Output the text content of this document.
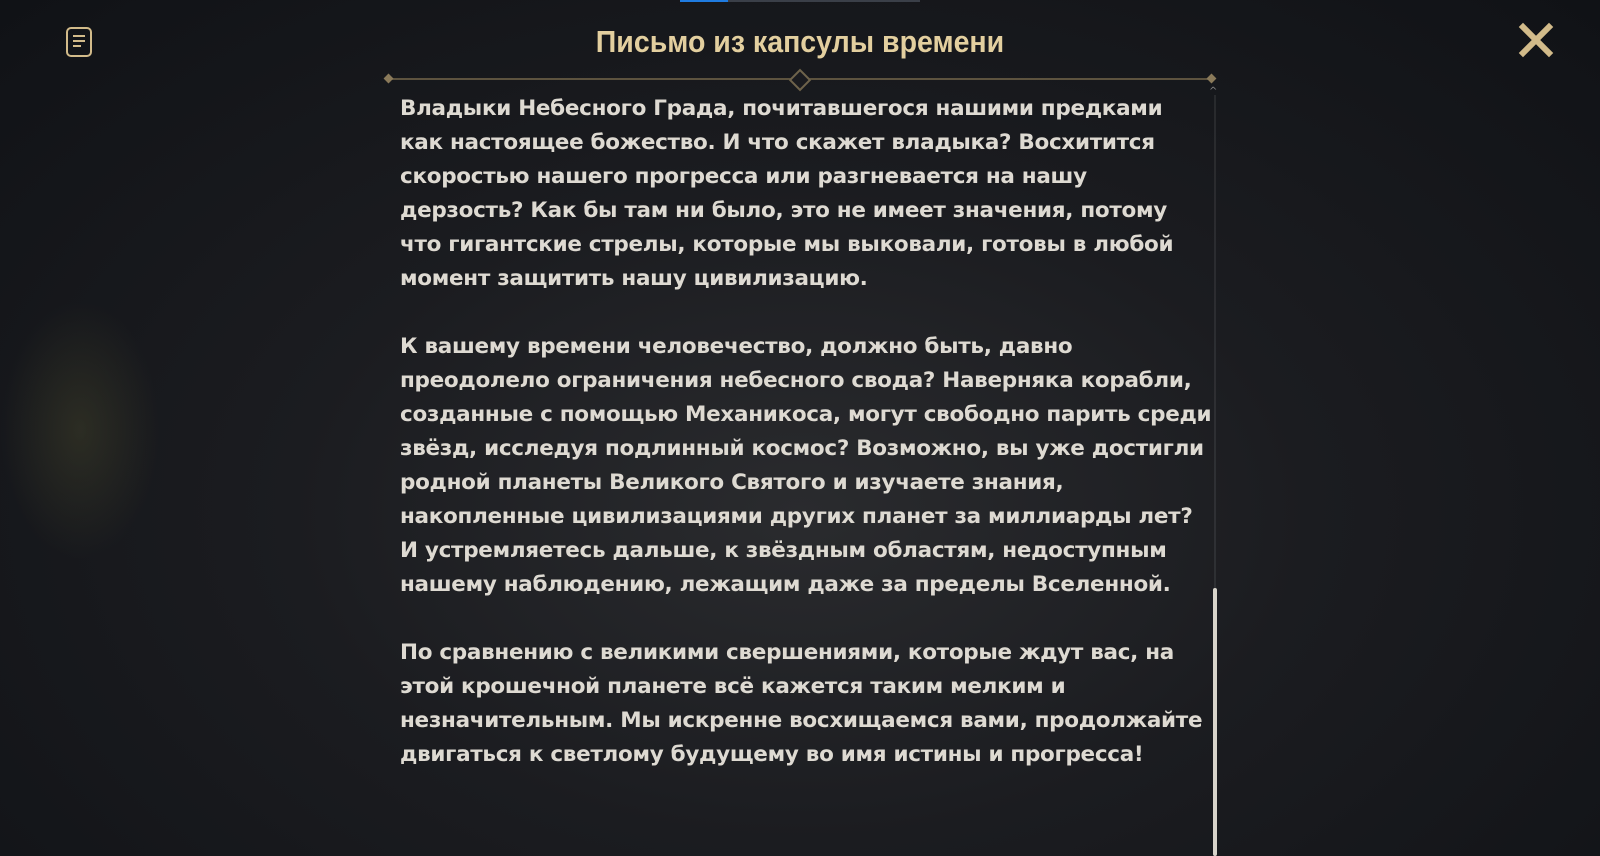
Письмо из капсулы времени

Владыки Небесного Града, почитавшегося нашими предками как настоящее божество. И что скажет владыка? Восхитится скоростью нашего прогресса или разгневается на нашу дерзость? Как бы там ни было, это не имеет значения, потому что гигантские стрелы, которые мы выковали, готовы в любой момент защитить нашу цивилизацию.

К вашему времени человечество, должно быть, давно преодолело ограничения небесного свода? Наверняка корабли, созданные с помощью Механикоса, могут свободно парить среди звёзд, исследуя подлинный космос? Возможно, вы уже достигли родной планеты Великого Святого и изучаете знания, накопленные цивилизациями других планет за миллиарды лет? И устремляетесь дальше, к звёздным областям, недоступным нашему наблюдению, лежащим даже за пределы Вселенной.

По сравнению с великими свершениями, которые ждут вас, на этой крошечной планете всё кажется таким мелким и незначительным. Мы искренне восхищаемся вами, продолжайте двигаться к светлому будущему во имя истины и прогресса!

^
